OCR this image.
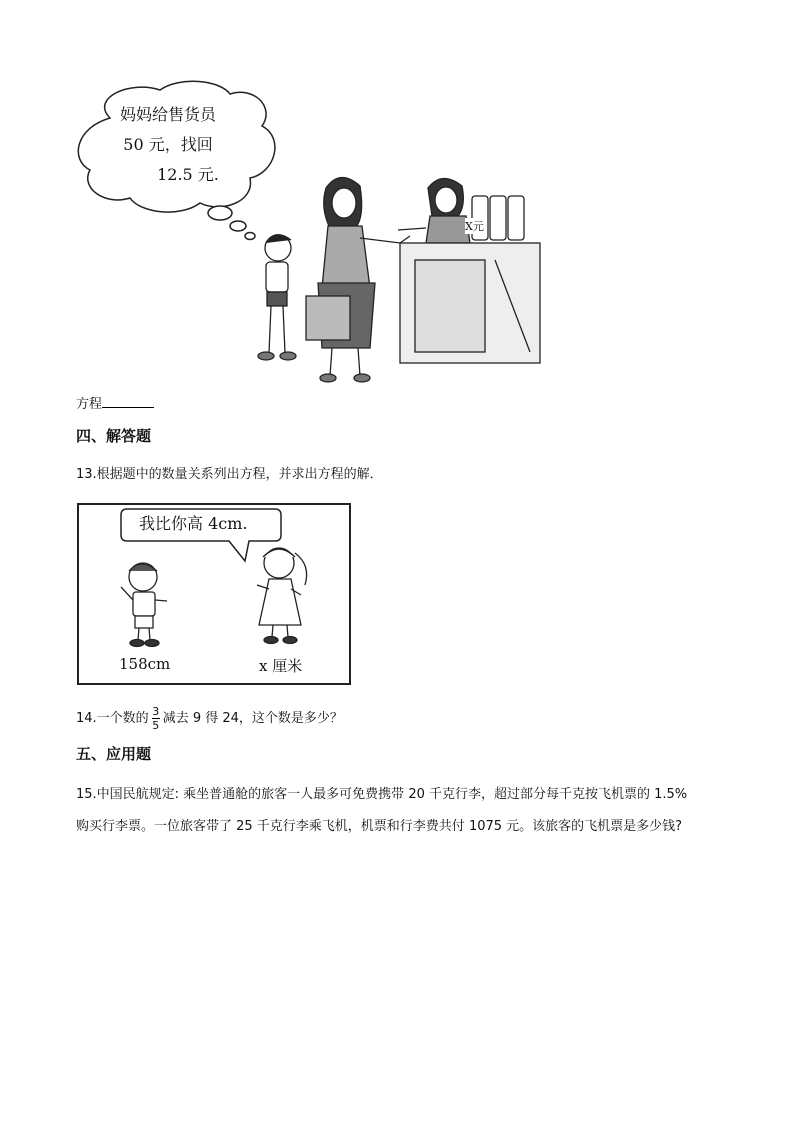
妈妈给售货员
50 元，找回
12.5 元.
X元
方程
四、解答题
13.根据题中的数量关系列出方程，并求出方程的解．
我比你高 4cm.
158cm	x 厘米
14.一个数的 $\frac{3}{5}$ 减去 9 得 24，这个数是多少？
五、应用题
15.中国民航规定: 乘坐普通舱的旅客一人最多可免费携带 20 千克行李，超过部分每千克按飞机票的 1.5%
购买行李票。一位旅客带了 25 千克行李乘飞机，机票和行李费共付 1075 元。该旅客的飞机票是多少钱?
